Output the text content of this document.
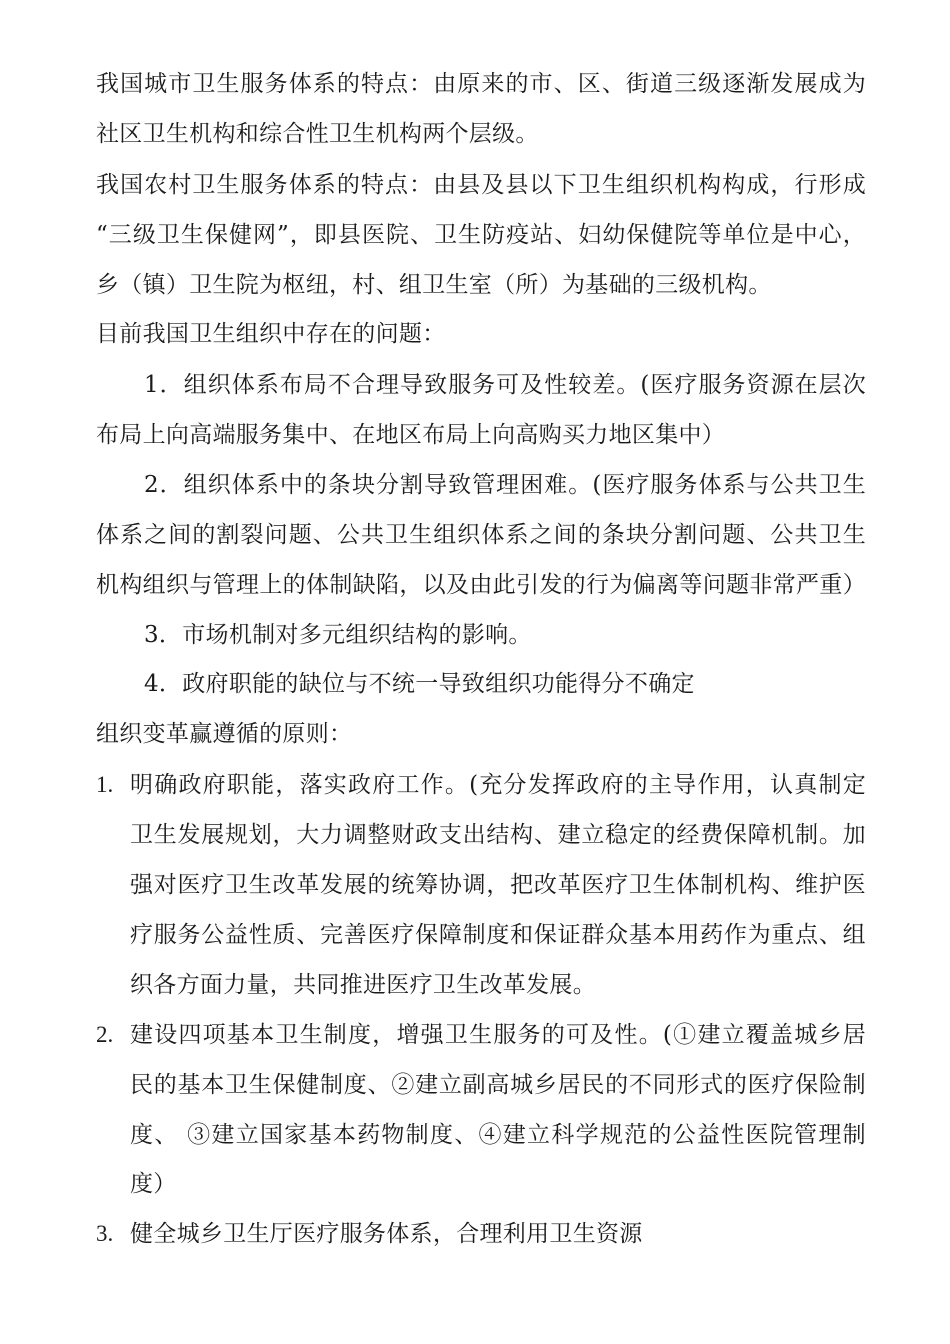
我国城市卫生服务体系的特点：由原来的市、区、街道三级逐渐发展成为
社区卫生机构和综合性卫生机构两个层级。
我国农村卫生服务体系的特点：由县及县以下卫生组织机构构成，行形成
“三级卫生保健网”，即县医院、卫生防疫站、妇幼保健院等单位是中心，
乡（镇）卫生院为枢纽，村、组卫生室（所）为基础的三级机构。
目前我国卫生组织中存在的问题：
1．组织体系布局不合理导致服务可及性较差。(医疗服务资源在层次
布局上向高端服务集中、在地区布局上向高购买力地区集中）
2．组织体系中的条块分割导致管理困难。(医疗服务体系与公共卫生
体系之间的割裂问题、公共卫生组织体系之间的条块分割问题、公共卫生
机构组织与管理上的体制缺陷，以及由此引发的行为偏离等问题非常严重）
3．市场机制对多元组织结构的影响。
4．政府职能的缺位与不统一导致组织功能得分不确定
组织变革赢遵循的原则：
1. 明确政府职能，落实政府工作。(充分发挥政府的主导作用，认真制定
卫生发展规划，大力调整财政支出结构、建立稳定的经费保障机制。加
强对医疗卫生改革发展的统筹协调，把改革医疗卫生体制机构、维护医
疗服务公益性质、完善医疗保障制度和保证群众基本用药作为重点、组
织各方面力量，共同推进医疗卫生改革发展。
2. 建设四项基本卫生制度，增强卫生服务的可及性。(①建立覆盖城乡居
民的基本卫生保健制度、②建立副高城乡居民的不同形式的医疗保险制
度、 ③建立国家基本药物制度、④建立科学规范的公益性医院管理制
度）
3. 健全城乡卫生厅医疗服务体系，合理利用卫生资源
